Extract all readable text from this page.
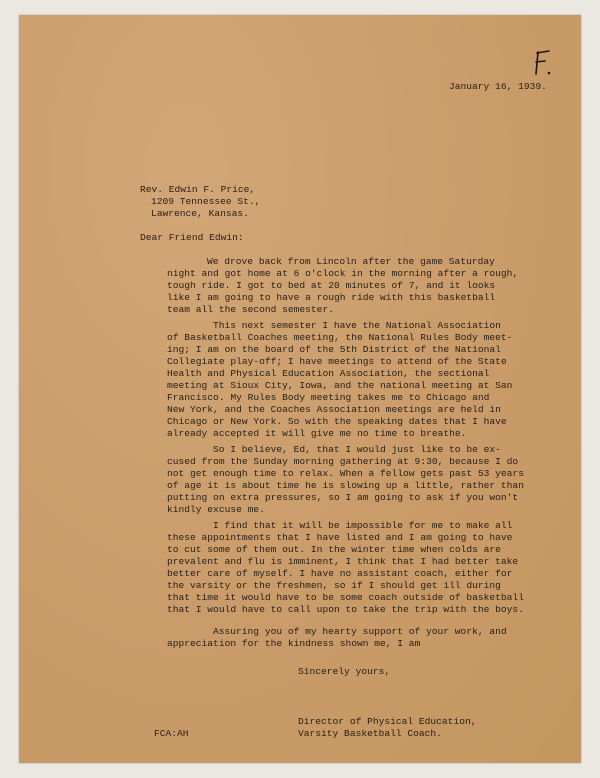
January 16, 1939.
Rev. Edwin F. Price,
1209 Tennessee St.,
Lawrence, Kansas.
Dear Friend Edwin:
We drove back from Lincoln after the game Saturday
night and got home at 6 o'clock in the morning after a rough,
tough ride. I got to bed at 20 minutes of 7, and it looks
like I am going to have a rough ride with this basketball
team all the second semester.
This next semester I have the National Association
of Basketball Coaches meeting, the National Rules Body meet-
ing; I am on the board of the 5th District of the National
Collegiate play-off; I have meetings to attend of the State
Health and Physical Education Association, the sectional
meeting at Sioux City, Iowa, and the national meeting at San
Francisco. My Rules Body meeting takes me to Chicago and
New York, and the Coaches Association meetings are held in
Chicago or New York. So with the speaking dates that I have
already accepted it will give me no time to breathe.
So I believe, Ed, that I would just like to be ex-
cused from the Sunday morning gathering at 9:30, because I do
not get enough time to relax. When a fellow gets past 53 years
of age it is about time he is slowing up a little, rather than
putting on extra pressures, so I am going to ask if you won't
kindly excuse me.
I find that it will be impossible for me to make all
these appointments that I have listed and I am going to have
to cut some of them out. In the winter time when colds are
prevalent and flu is imminent, I think that I had better take
better care of myself. I have no assistant coach, either for
the varsity or the freshmen, so if I should get ill during
that time it would have to be some coach outside of basketball
that I would have to call upon to take the trip with the boys.
Assuring you of my hearty support of your work, and
appreciation for the kindness shown me, I am
Sincerely yours,
Director of Physical Education,
FCA:AH	Varsity Basketball Coach.
